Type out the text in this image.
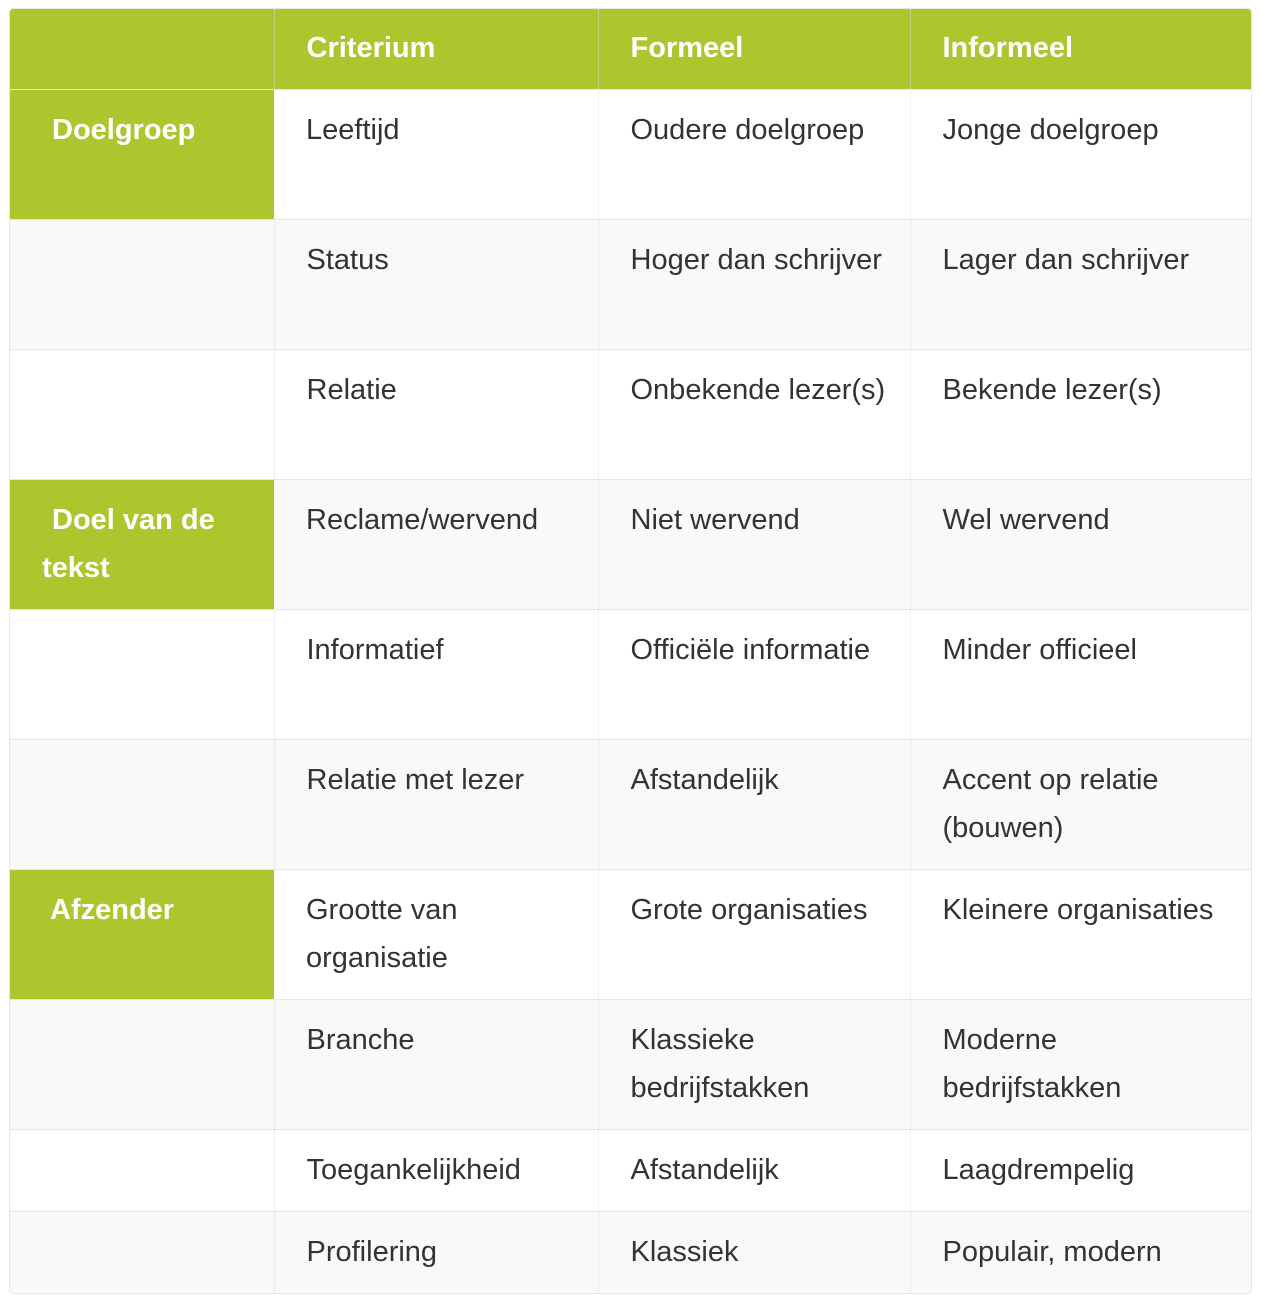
	Criterium	Formeel	Informeel
Doelgroep	Leeftijd	Oudere doelgroep	Jonge doelgroep
	Status	Hoger dan schrijver	Lager dan schrijver
	Relatie	Onbekende lezer(s)	Bekende lezer(s)
Doel van de tekst	Reclame/wervend	Niet wervend	Wel wervend
	Informatief	Officiële informatie	Minder officieel
	Relatie met lezer	Afstandelijk	Accent op relatie (bouwen)
Afzender	Grootte van organisatie	Grote organisaties	Kleinere organisaties
	Branche	Klassieke bedrijfstakken	Moderne bedrijfstakken
	Toegankelijkheid	Afstandelijk	Laagdrempelig
	Profilering	Klassiek	Populair, modern
